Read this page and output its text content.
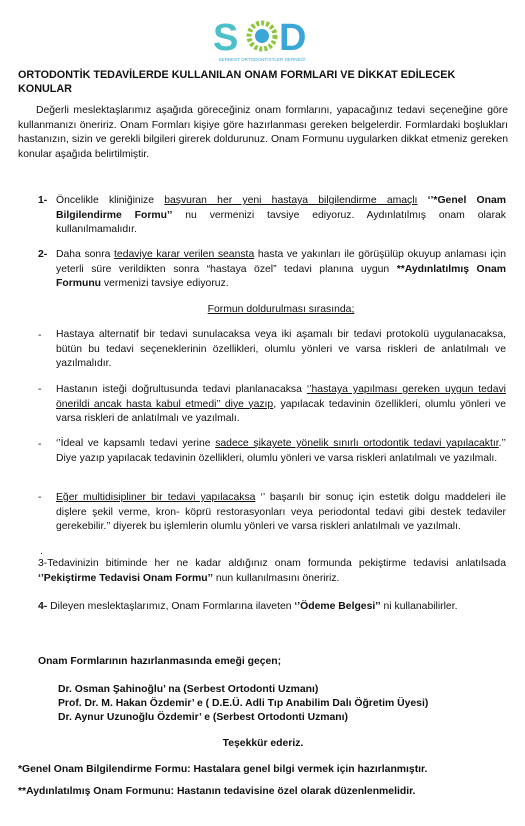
S D
SERBEST ORTODONTİSTLER DERNEĞİ

ORTODONTİK TEDAVİLERDE KULLANILAN ONAM FORMLARI VE DİKKAT EDİLECEK KONULAR

Değerli meslektaşlarımız aşağıda göreceğiniz onam formlarını, yapacağınız tedavi seçeneğine göre kullanmanızı öneririz. Onam Formları kişiye göre hazırlanması gereken belgelerdir. Formlardaki boşlukları hastanızın, sizin ve gerekli bilgileri girerek doldurunuz. Onam Formunu uygularken dikkat etmeniz gereken konular aşağıda belirtilmiştir.

1- Öncelikle kliniğinize başvuran her yeni hastaya bilgilendirme amaçlı ‘’*Genel Onam Bilgilendirme Formu’’ nu vermenizi tavsiye ediyoruz. Aydınlatılmış onam olarak kullanılmamalıdır.

2- Daha sonra tedaviye karar verilen seansta hasta ve yakınları ile görüşülüp okuyup anlaması için yeterli süre verildikten sonra “hastaya özel” tedavi planına uygun **Aydınlatılmış Onam Formunu vermenizi tavsiye ediyoruz.

Formun doldurulması sırasında;

- Hastaya alternatif bir tedavi sunulacaksa veya iki aşamalı bir tedavi protokolü uygulanacaksa, bütün bu tedavi seçeneklerinin özellikleri, olumlu yönleri ve varsa riskleri de anlatılmalı ve yazılmalıdır.

- Hastanın isteği doğrultusunda tedavi planlanacaksa ‘’hastaya yapılması gereken uygun tedavi önerildi ancak hasta kabul etmedi’’ diye yazıp, yapılacak tedavinin özellikleri, olumlu yönleri ve varsa riskleri de anlatılmalı ve yazılmalı.

- ‘’İdeal ve kapsamlı tedavi yerine sadece şikayete yönelik sınırlı ortodontik tedavi yapılacaktır.’’ Diye yazıp yapılacak tedavinin özellikleri, olumlu yönleri ve varsa riskleri anlatılmalı ve yazılmalı.

- Eğer multidisipliner bir tedavi yapılacaksa ‘’ başarılı bir sonuç için estetik dolgu maddeleri ile dişlere şekil verme, kron- köprü restorasyonları veya periodontal tedavi gibi destek tedaviler gerekebilir.’’ diyerek bu işlemlerin olumlu yönleri ve varsa riskleri anlatılmalı ve yazılmalı.

.

3-Tedavinizin bitiminde her ne kadar aldığınız onam formunda pekiştirme tedavisi anlatılsada ‘’Pekiştirme Tedavisi Onam Formu’’ nun kullanılmasını öneririz.

4- Dileyen meslektaşlarımız, Onam Formlarına ilaveten ‘’Ödeme Belgesi’’ ni kullanabilirler.

Onam Formlarının hazırlanmasında emeği geçen;

Dr. Osman Şahinoğlu’ na (Serbest Ortodonti Uzmanı)

Prof. Dr. M. Hakan Özdemir’ e ( D.E.Ü. Adli Tıp Anabilim Dalı Öğretim Üyesi)

Dr. Aynur Uzunoğlu Özdemir’ e (Serbest Ortodonti Uzmanı)

Teşekkür ederiz.

*Genel Onam Bilgilendirme Formu: Hastalara genel bilgi vermek için hazırlanmıştır.

**Aydınlatılmış Onam Formunu: Hastanın tedavisine özel olarak düzenlenmelidir.
